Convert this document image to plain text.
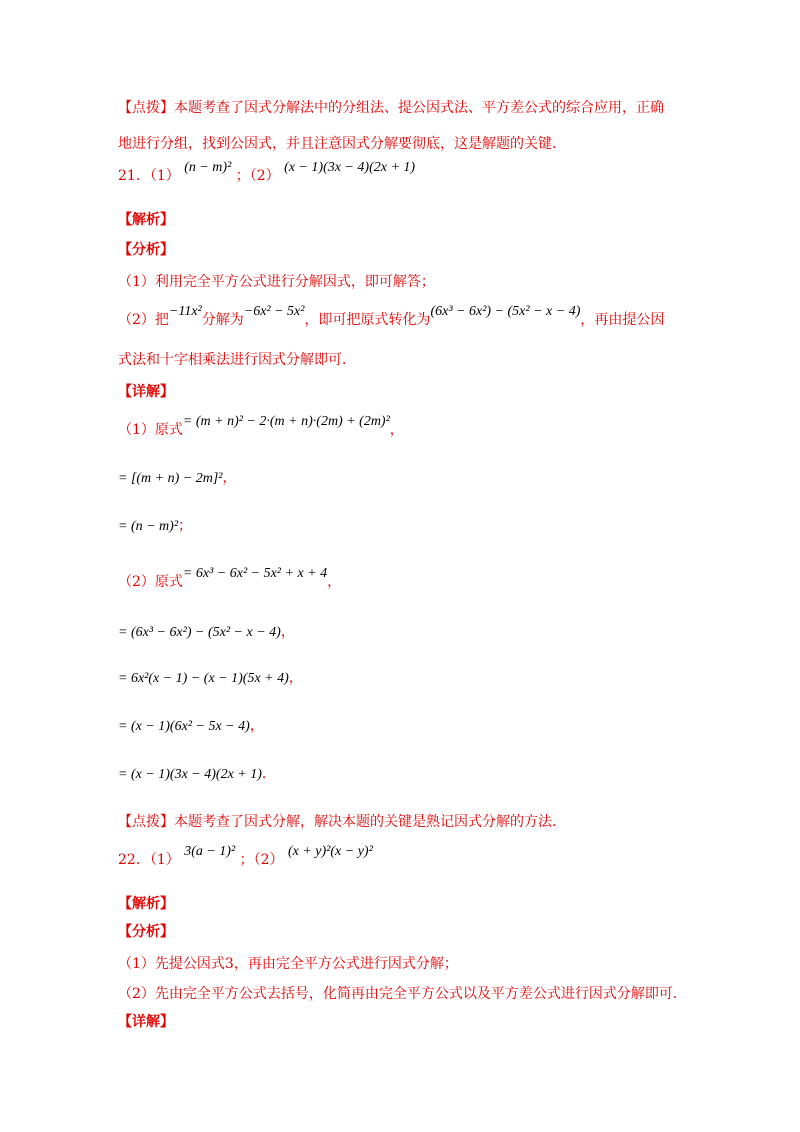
【点拨】本题考查了因式分解法中的分组法、提公因式法、平方差公式的综合应用，正确
地进行分组，找到公因式，并且注意因式分解要彻底，这是解题的关键．
21．（1） (n − m)² ；（2） (x − 1)(3x − 4)(2x + 1)
【解析】
【分析】
（1）利用完全平方公式进行分解因式，即可解答；
（2）把−11x²分解为−6x² − 5x²，即可把原式转化为(6x³ − 6x²) − (5x² − x − 4)，再由提公因
式法和十字相乘法进行因式分解即可．
【详解】
（1）原式= (m + n)² − 2·(m + n)·(2m) + (2m)²，
= [(m + n) − 2m]²，
= (n − m)²；
（2）原式= 6x³ − 6x² − 5x² + x + 4，
= (6x³ − 6x²) − (5x² − x − 4)，
= 6x²(x − 1) − (x − 1)(5x + 4)，
= (x − 1)(6x² − 5x − 4)，
= (x − 1)(3x − 4)(2x + 1)．
【点拨】本题考查了因式分解，解决本题的关键是熟记因式分解的方法．
22．（1） 3(a − 1)² ；（2） (x + y)²(x − y)²
【解析】
【分析】
（1）先提公因式3，再由完全平方公式进行因式分解；
（2）先由完全平方公式去括号，化简再由完全平方公式以及平方差公式进行因式分解即可．
【详解】
